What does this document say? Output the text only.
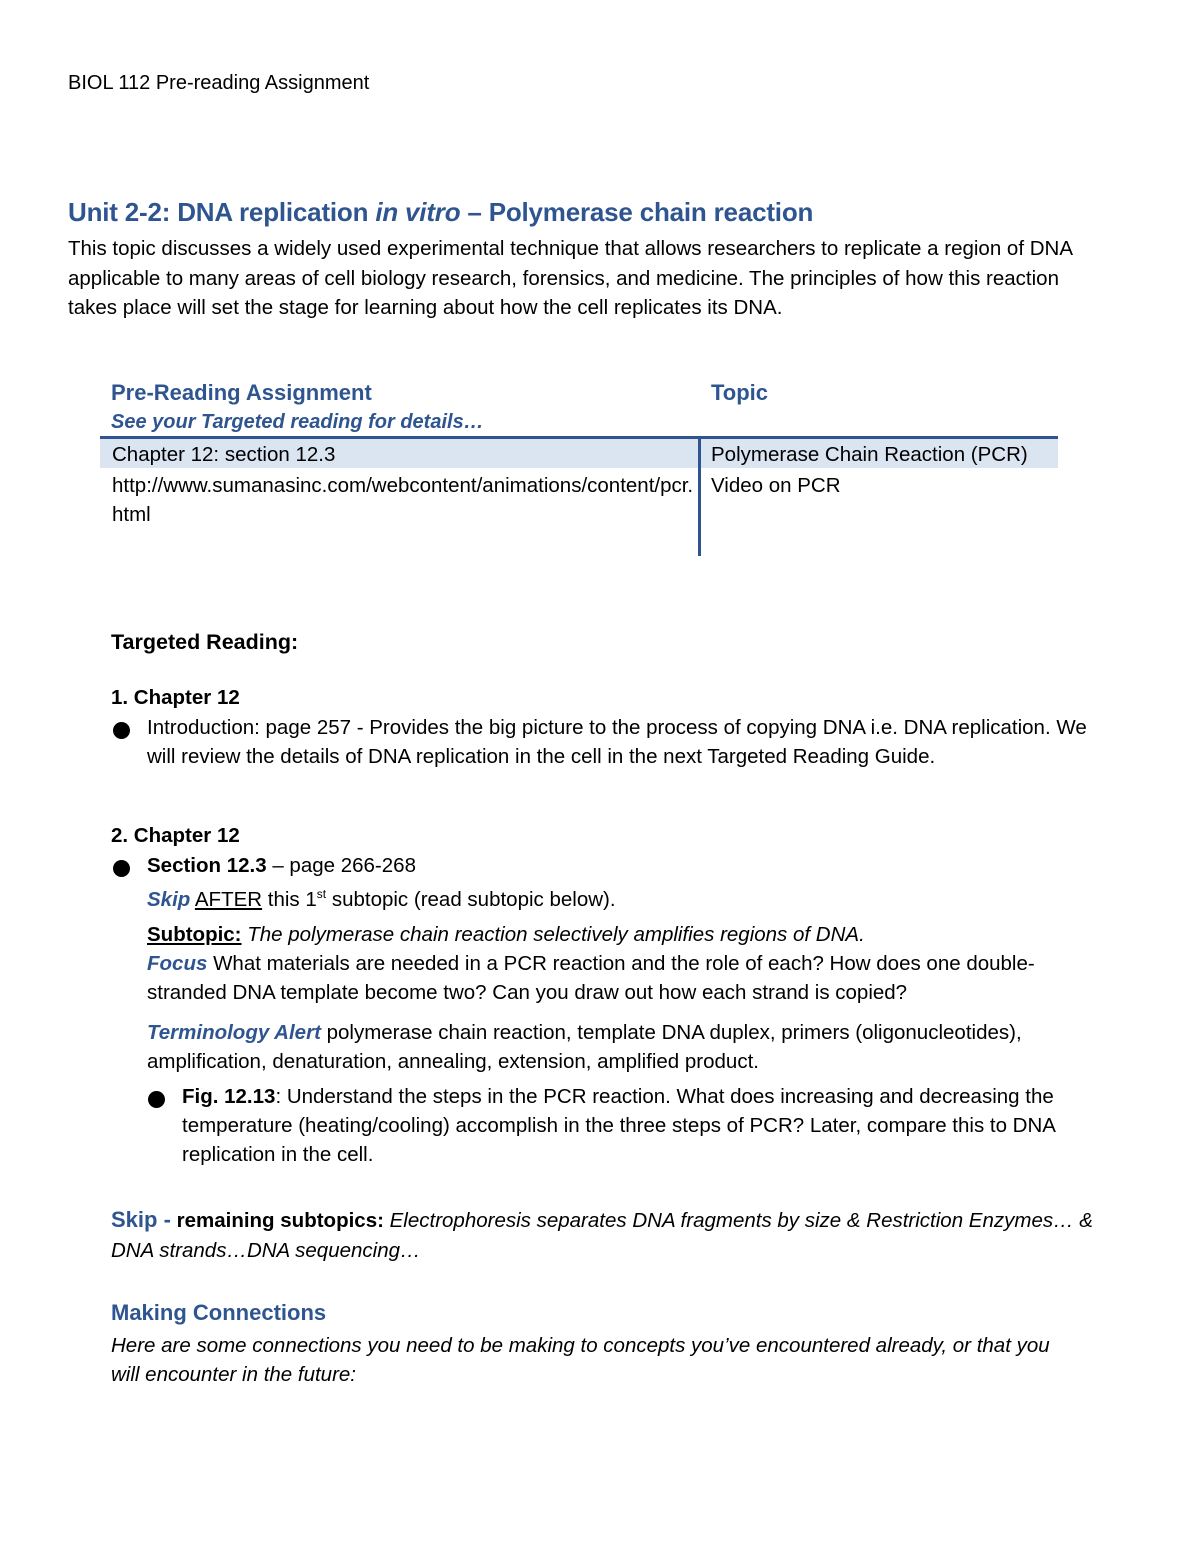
BIOL 112 Pre-reading Assignment
Unit 2-2: DNA replication in vitro – Polymerase chain reaction
This topic discusses a widely used experimental technique that allows researchers to replicate a region of DNA applicable to many areas of cell biology research, forensics, and medicine. The principles of how this reaction takes place will set the stage for learning about how the cell replicates its DNA.
Pre-Reading Assignment
See your Targeted reading for details…
Topic
Chapter 12: section 12.3	Polymerase Chain Reaction (PCR)
http://www.sumanasinc.com/webcontent/animations/content/pcr.html
Video on PCR
Targeted Reading:
1. Chapter 12
Introduction: page 257 - Provides the big picture to the process of copying DNA i.e. DNA replication. We will review the details of DNA replication in the cell in the next Targeted Reading Guide.
2. Chapter 12
Section 12.3 – page 266-268
Skip AFTER this 1st subtopic (read subtopic below).
Subtopic: The polymerase chain reaction selectively amplifies regions of DNA.
Focus What materials are needed in a PCR reaction and the role of each? How does one double-stranded DNA template become two? Can you draw out how each strand is copied?
Terminology Alert polymerase chain reaction, template DNA duplex, primers (oligonucleotides), amplification, denaturation, annealing, extension, amplified product.
Fig. 12.13: Understand the steps in the PCR reaction. What does increasing and decreasing the temperature (heating/cooling) accomplish in the three steps of PCR? Later, compare this to DNA replication in the cell.
Skip - remaining subtopics: Electrophoresis separates DNA fragments by size & Restriction Enzymes… & DNA strands…DNA sequencing…
Making Connections
Here are some connections you need to be making to concepts you’ve encountered already, or that you will encounter in the future:
